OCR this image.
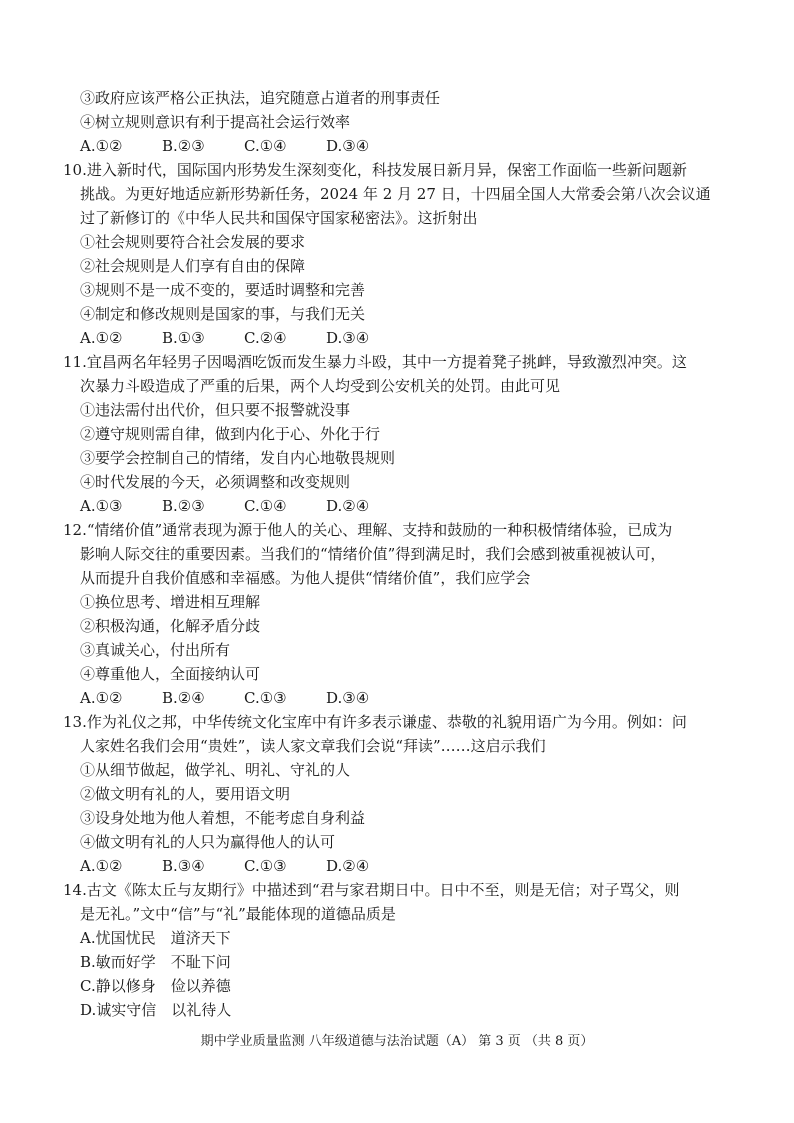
③政府应该严格公正执法，追究随意占道者的刑事责任
④树立规则意识有利于提高社会运行效率
A.①②	B.②③	C.①④	D.③④
10.进入新时代，国际国内形势发生深刻变化，科技发展日新月异，保密工作面临一些新问题新
挑战。为更好地适应新形势新任务，2024 年 2 月 27 日，十四届全国人大常委会第八次会议通
过了新修订的《中华人民共和国保守国家秘密法》。这折射出
①社会规则要符合社会发展的要求
②社会规则是人们享有自由的保障
③规则不是一成不变的，要适时调整和完善
④制定和修改规则是国家的事，与我们无关
A.①②	B.①③	C.②④	D.③④
11.宜昌两名年轻男子因喝酒吃饭而发生暴力斗殴，其中一方提着凳子挑衅，导致激烈冲突。这
次暴力斗殴造成了严重的后果，两个人均受到公安机关的处罚。由此可见
①违法需付出代价，但只要不报警就没事
②遵守规则需自律，做到内化于心、外化于行
③要学会控制自己的情绪，发自内心地敬畏规则
④时代发展的今天，必须调整和改变规则
A.①③	B.②③	C.①④	D.②④
12.“情绪价值”通常表现为源于他人的关心、理解、支持和鼓励的一种积极情绪体验，已成为
影响人际交往的重要因素。当我们的“情绪价值”得到满足时，我们会感到被重视被认可，
从而提升自我价值感和幸福感。为他人提供“情绪价值”，我们应学会
①换位思考、增进相互理解
②积极沟通，化解矛盾分歧
③真诚关心，付出所有
④尊重他人，全面接纳认可
A.①②	B.②④	C.①③	D.③④
13.作为礼仪之邦，中华传统文化宝库中有许多表示谦虚、恭敬的礼貌用语广为今用。例如：问
人家姓名我们会用“贵姓”，读人家文章我们会说“拜读”……这启示我们
①从细节做起，做学礼、明礼、守礼的人
②做文明有礼的人，要用语文明
③设身处地为他人着想，不能考虑自身利益
④做文明有礼的人只为赢得他人的认可
A.①②	B.③④	C.①③	D.②④
14.古文《陈太丘与友期行》中描述到“君与家君期日中。日中不至，则是无信；对子骂父，则
是无礼。”文中“信”与“礼”最能体现的道德品质是
A.忧国忧民　道济天下
B.敏而好学　不耻下问
C.静以修身　俭以养德
D.诚实守信　以礼待人
期中学业质量监测 八年级道德与法治试题（A） 第 3 页 （共 8 页）
